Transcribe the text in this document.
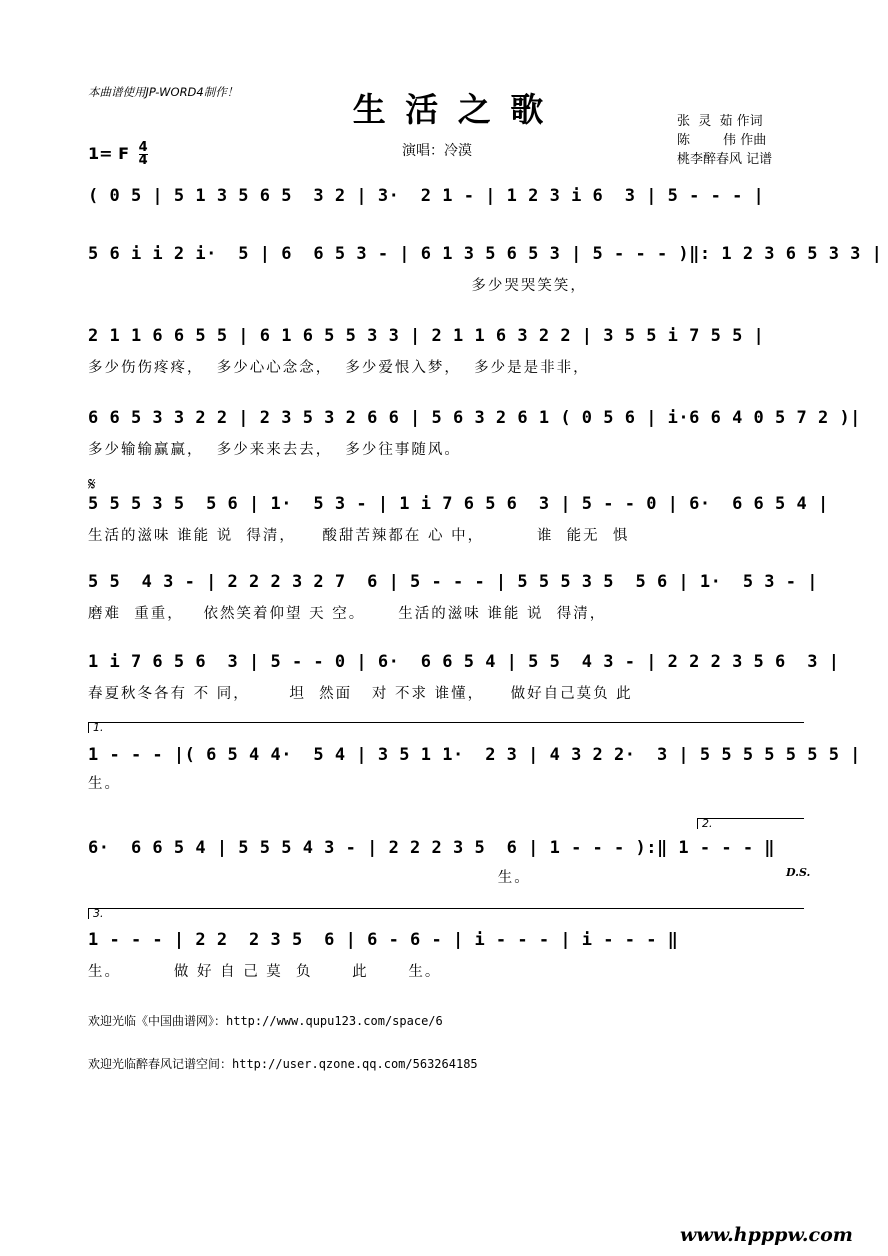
本曲谱使用JP-WORD4制作！	生 活 之 歌
1= F $\frac{4}{4}$	演唱：冷漠
张  灵  茹 作词
陈        伟 作曲
桃李醉春风 记谱
( 0 5 | 5 1 3 5 6 5  3 2 | 3·  2 1 - | 1 2 3 i 6  3 | 5 - - - |
5 6 i i 2 i·  5 | 6  6 5 3 - | 6 1 3 5 6 5 3 | 5 - - - )‖: 1 2 3 6 5 3 3 |
多少哭哭笑笑，
2 1 1 6 6 5 5 | 6 1 6 5 5 3 3 | 2 1 1 6 3 2 2 | 3 5 5 i 7 5 5 |
多少伤伤疼疼，  多少心心念念，  多少爱恨入梦，  多少是是非非，
6 6 5 3 3 2 2 | 2 3 5 3 2 6 6 | 5 6 3 2 6 1 ( 0 5 6 | i·6 6 4 0 5 7 2 )|
多少输输赢赢，  多少来来去去，  多少往事随风。
𝄋
5 5 5 3 5  5 6 | 1·  5 3 - | 1 i 7 6 5 6  3 | 5 - - 0 | 6·  6 6 5 4 |
生活的滋味 谁能 说  得清，    酸甜苦辣都在 心 中，        谁  能无  惧
5 5  4 3 - | 2 2 2 3 2 7  6 | 5 - - - | 5 5 5 3 5  5 6 | 1·  5 3 - |
磨难  重重，   依然笑着仰望 天 空。     生活的滋味 谁能 说  得清，
1 i 7 6 5 6  3 | 5 - - 0 | 6·  6 6 5 4 | 5 5  4 3 - | 2 2 2 3 5 6  3 |
春夏秋冬各有 不 同，      坦  然面   对 不求 谁懂，    做好自己莫负 此
1.
1 - - - |( 6 5 4 4·  5 4 | 3 5 1 1·  2 3 | 4 3 2 2·  3 | 5 5 5 5 5 5 5 |
生。
6·  6 6 5 4 | 5 5 5 4 3 - | 2 2 2 3 5  6 | 1 - - - ):‖ 1 - - - ‖
2.
生。	D.S.
3.
1 - - - | 2 2  2 3 5  6 | 6 - 6 - | i - - - | i - - - ‖
生。        做 好 自 己 莫  负      此      生。
欢迎光临《中国曲谱网》：http://www.qupu123.com/space/6
欢迎光临醉春风记谱空间：http://user.qzone.qq.com/563264185
www.hpppw.com
